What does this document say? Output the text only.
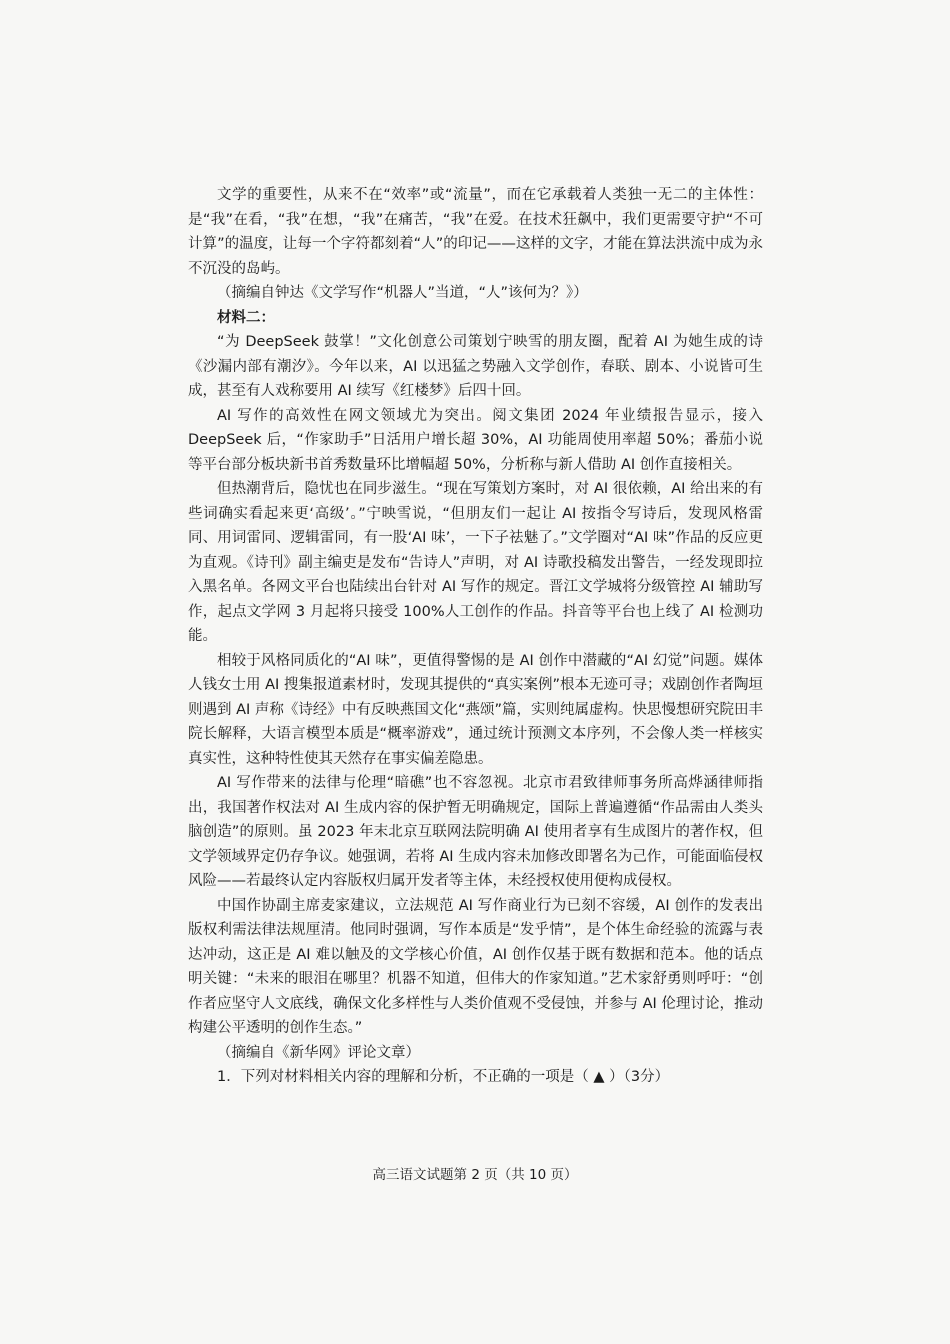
文学的重要性，从来不在“效率”或“流量”，而在它承载着人类独一无二的主体性：是“我”在看，“我”在想，“我”在痛苦，“我”在爱。在技术狂飙中，我们更需要守护“不可计算”的温度，让每一个字符都刻着“人”的印记——这样的文字，才能在算法洪流中成为永不沉没的岛屿。

（摘编自钟达《文学写作“机器人”当道，“人”该何为？》）

材料二：

“为 DeepSeek 鼓掌！”文化创意公司策划宁映雪的朋友圈，配着 AI 为她生成的诗《沙漏内部有潮汐》。今年以来，AI 以迅猛之势融入文学创作，春联、剧本、小说皆可生成，甚至有人戏称要用 AI 续写《红楼梦》后四十回。

AI 写作的高效性在网文领域尤为突出。阅文集团 2024 年业绩报告显示，接入 DeepSeek 后，“作家助手”日活用户增长超 30%，AI 功能周使用率超 50%；番茄小说等平台部分板块新书首秀数量环比增幅超 50%，分析称与新人借助 AI 创作直接相关。

但热潮背后，隐忧也在同步滋生。“现在写策划方案时，对 AI 很依赖，AI 给出来的有些词确实看起来更‘高级’。”宁映雪说，“但朋友们一起让 AI 按指令写诗后，发现风格雷同、用词雷同、逻辑雷同，有一股‘AI 味’，一下子祛魅了。”文学圈对“AI 味”作品的反应更为直观。《诗刊》副主编吏是发布“告诗人”声明，对 AI 诗歌投稿发出警告，一经发现即拉入黑名单。各网文平台也陆续出台针对 AI 写作的规定。晋江文学城将分级管控 AI 辅助写作，起点文学网 3 月起将只接受 100%人工创作的作品。抖音等平台也上线了 AI 检测功能。

相较于风格同质化的“AI 味”，更值得警惕的是 AI 创作中潜藏的“AI 幻觉”问题。媒体人钱女士用 AI 搜集报道素材时，发现其提供的“真实案例”根本无迹可寻；戏剧创作者陶垣则遇到 AI 声称《诗经》中有反映燕国文化“燕颂”篇，实则纯属虚构。快思慢想研究院田丰院长解释，大语言模型本质是“概率游戏”，通过统计预测文本序列，不会像人类一样核实真实性，这种特性使其天然存在事实偏差隐患。

AI 写作带来的法律与伦理“暗礁”也不容忽视。北京市君致律师事务所高烨涵律师指出，我国著作权法对 AI 生成内容的保护暂无明确规定，国际上普遍遵循“作品需由人类头脑创造”的原则。虽 2023 年末北京互联网法院明确 AI 使用者享有生成图片的著作权，但文学领域界定仍存争议。她强调，若将 AI 生成内容未加修改即署名为己作，可能面临侵权风险——若最终认定内容版权归属开发者等主体，未经授权使用便构成侵权。

中国作协副主席麦家建议，立法规范 AI 写作商业行为已刻不容缓，AI 创作的发表出版权利需法律法规厘清。他同时强调，写作本质是“发乎情”，是个体生命经验的流露与表达冲动，这正是 AI 难以触及的文学核心价值，AI 创作仅基于既有数据和范本。他的话点明关键：“未来的眼泪在哪里？机器不知道，但伟大的作家知道。”艺术家舒勇则呼吁：“创作者应坚守人文底线，确保文化多样性与人类价值观不受侵蚀，并参与 AI 伦理讨论，推动构建公平透明的创作生态。”

（摘编自《新华网》评论文章）

1．下列对材料相关内容的理解和分析，不正确的一项是（ ▲ ）（3分）

高三语文试题第 2 页（共 10 页）
